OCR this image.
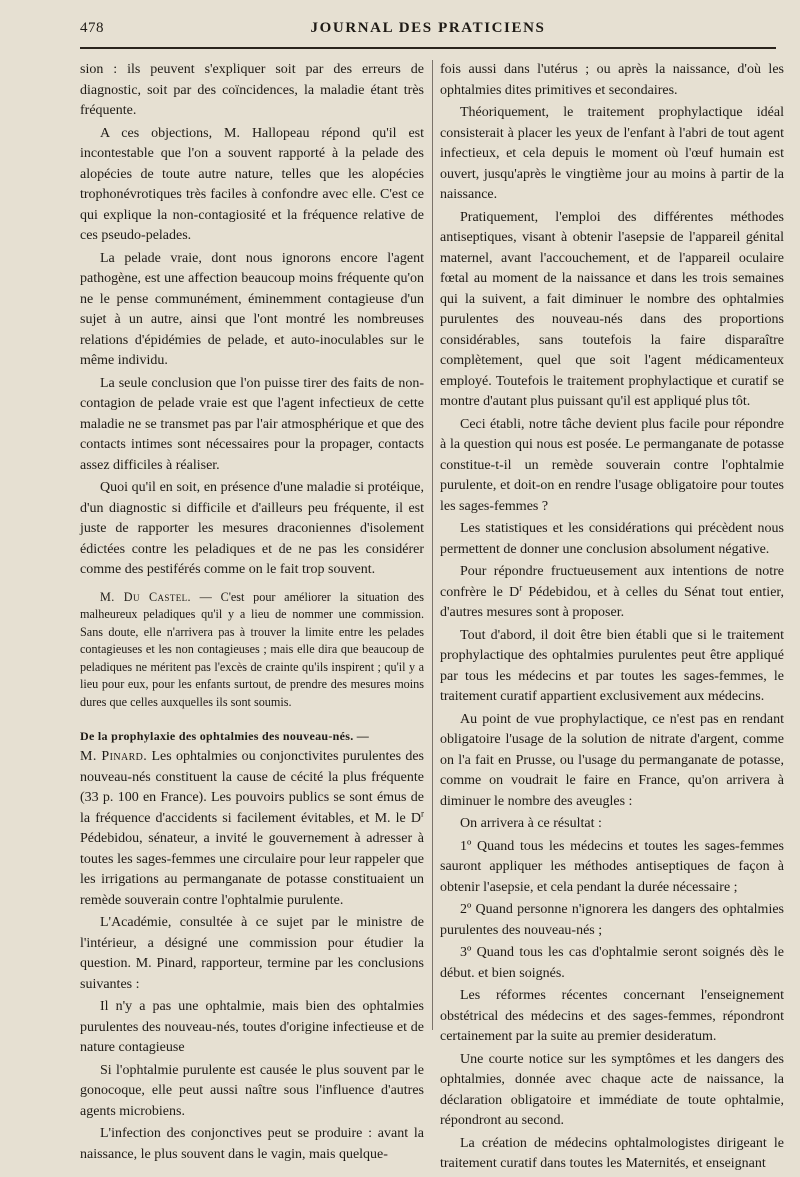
478	JOURNAL DES PRATICIENS

sion : ils peuvent s'expliquer soit par des erreurs de diagnostic, soit par des coïncidences, la maladie étant très fréquente.

A ces objections, M. Hallopeau répond qu'il est incontestable que l'on a souvent rapporté à la pelade des alopécies de toute autre nature, telles que les alopécies trophonévrotiques très faciles à confondre avec elle. C'est ce qui explique la non-contagiosité et la fréquence relative de ces pseudo-pelades.

La pelade vraie, dont nous ignorons encore l'agent pathogène, est une affection beaucoup moins fréquente qu'on ne le pense communément, éminemment contagieuse d'un sujet à un autre, ainsi que l'ont montré les nombreuses relations d'épidémies de pelade, et auto-inoculables sur le même individu.

La seule conclusion que l'on puisse tirer des faits de non-contagion de pelade vraie est que l'agent infectieux de cette maladie ne se transmet pas par l'air atmosphérique et que des contacts intimes sont nécessaires pour la propager, contacts assez difficiles à réaliser.

Quoi qu'il en soit, en présence d'une maladie si protéique, d'un diagnostic si difficile et d'ailleurs peu fréquente, il est juste de rapporter les mesures draconiennes d'isolement édictées contre les peladiques et de ne pas les considérer comme des pestiférés comme on le fait trop souvent.

M. Du Castel. — C'est pour améliorer la situation des malheureux peladiques qu'il y a lieu de nommer une commission. Sans doute, elle n'arrivera pas à trouver la limite entre les pelades contagieuses et les non contagieuses ; mais elle dira que beaucoup de peladiques ne méritent pas l'excès de crainte qu'ils inspirent ; qu'il y a lieu pour eux, pour les enfants surtout, de prendre des mesures moins dures que celles auxquelles ils sont soumis.

De la prophylaxie des ophtalmies des nouveau-nés. —
M. Pinard. Les ophtalmies ou conjonctivites purulentes des nouveau-nés constituent la cause de cécité la plus fréquente (33 p. 100 en France). Les pouvoirs publics se sont émus de la fréquence d'accidents si facilement évitables, et M. le $D^r$ Pédebidou, sénateur, a invité le gouvernement à adresser à toutes les sages-femmes une circulaire pour leur rappeler que les irrigations au permanganate de potasse constituaient un remède souverain contre l'ophtalmie purulente.

L'Académie, consultée à ce sujet par le ministre de l'intérieur, a désigné une commission pour étudier la question. M. Pinard, rapporteur, termine par les conclusions suivantes :

Il n'y a pas une ophtalmie, mais bien des ophtalmies purulentes des nouveau-nés, toutes d'origine infectieuse et de nature contagieuse

Si l'ophtalmie purulente est causée le plus souvent par le gonocoque, elle peut aussi naître sous l'influence d'autres agents microbiens.

L'infection des conjonctives peut se produire : avant la naissance, le plus souvent dans le vagin, mais quelque-

fois aussi dans l'utérus ; ou après la naissance, d'où les ophtalmies dites primitives et secondaires.

Théoriquement, le traitement prophylactique idéal consisterait à placer les yeux de l'enfant à l'abri de tout agent infectieux, et cela depuis le moment où l'œuf humain est ouvert, jusqu'après le vingtième jour au moins à partir de la naissance.

Pratiquement, l'emploi des différentes méthodes antiseptiques, visant à obtenir l'asepsie de l'appareil génital maternel, avant l'accouchement, et de l'appareil oculaire fœtal au moment de la naissance et dans les trois semaines qui la suivent, a fait diminuer le nombre des ophtalmies purulentes des nouveau-nés dans des proportions considérables, sans toutefois la faire disparaître complètement, quel que soit l'agent médicamenteux employé. Toutefois le traitement prophylactique et curatif se montre d'autant plus puissant qu'il est appliqué plus tôt.

Ceci établi, notre tâche devient plus facile pour répondre à la question qui nous est posée. Le permanganate de potasse constitue-t-il un remède souverain contre l'ophtalmie purulente, et doit-on en rendre l'usage obligatoire pour toutes les sages-femmes ?

Les statistiques et les considérations qui précèdent nous permettent de donner une conclusion absolument négative.

Pour répondre fructueusement aux intentions de notre confrère le $D^r$ Pédebidou, et à celles du Sénat tout entier, d'autres mesures sont à proposer.

Tout d'abord, il doit être bien établi que si le traitement prophylactique des ophtalmies purulentes peut être appliqué par tous les médecins et par toutes les sages-femmes, le traitement curatif appartient exclusivement aux médecins.

Au point de vue prophylactique, ce n'est pas en rendant obligatoire l'usage de la solution de nitrate d'argent, comme on l'a fait en Prusse, ou l'usage du permanganate de potasse, comme on voudrait le faire en France, qu'on arrivera à diminuer le nombre des aveugles :

On arrivera à ce résultat :

1º Quand tous les médecins et toutes les sages-femmes sauront appliquer les méthodes antiseptiques de façon à obtenir l'asepsie, et cela pendant la durée nécessaire ;

2º Quand personne n'ignorera les dangers des ophtalmies purulentes des nouveau-nés ;

3º Quand tous les cas d'ophtalmie seront soignés dès le début. et bien soignés.

Les réformes récentes concernant l'enseignement obstétrical des médecins et des sages-femmes, répondront certainement par la suite au premier desideratum.

Une courte notice sur les symptômes et les dangers des ophtalmies, donnée avec chaque acte de naissance, la déclaration obligatoire et immédiate de toute ophtalmie, répondront au second.

La création de médecins ophtalmologistes dirigeant le traitement curatif dans toutes les Maternités, et enseignant
